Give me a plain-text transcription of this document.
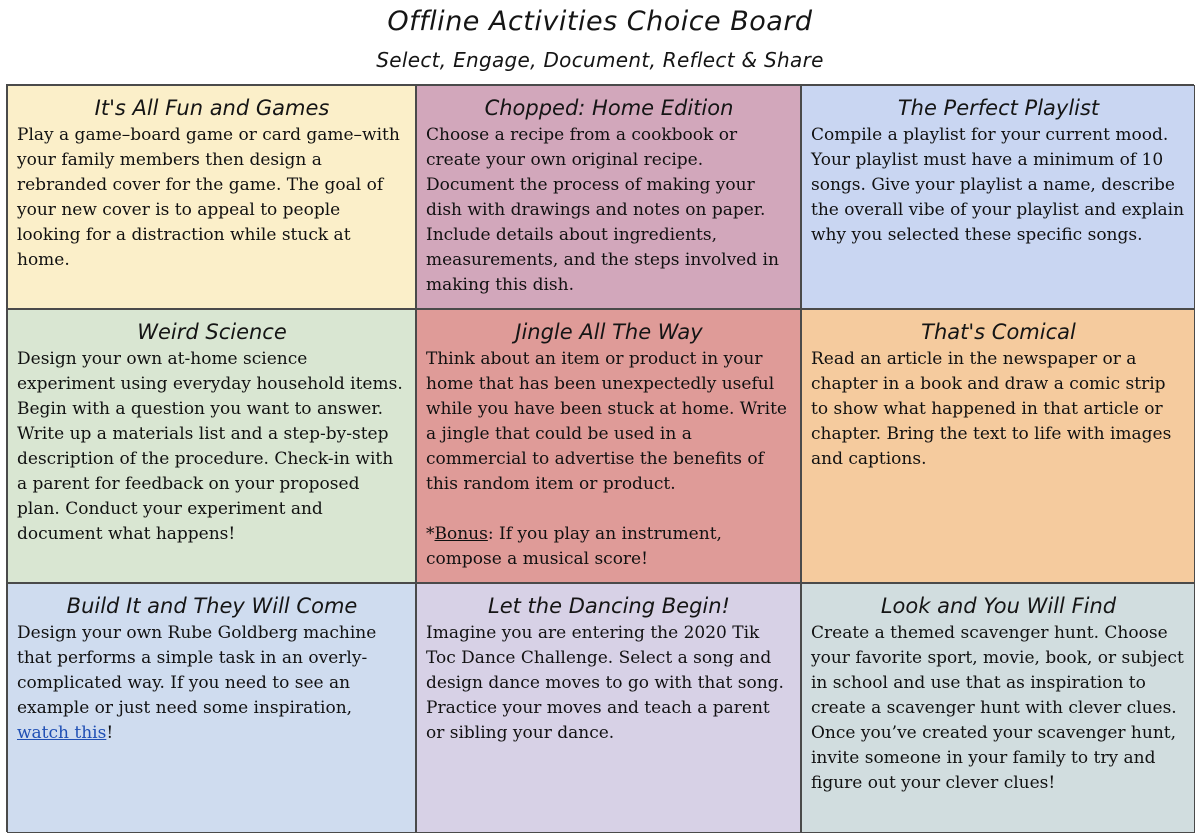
Offline Activities Choice Board
Select, Engage, Document, Reflect & Share
It's All Fun and Games
Play a game–board game or card game–with your family members then design a rebranded cover for the game. The goal of your new cover is to appeal to people looking for a distraction while stuck at home.
Chopped: Home Edition
Choose a recipe from a cookbook or create your own original recipe. Document the process of making your dish with drawings and notes on paper. Include details about ingredients, measurements, and the steps involved in making this dish.
The Perfect Playlist
Compile a playlist for your current mood. Your playlist must have a minimum of 10 songs. Give your playlist a name, describe the overall vibe of your playlist and explain why you selected these specific songs.
Weird Science
Design your own at-home science experiment using everyday household items. Begin with a question you want to answer. Write up a materials list and a step-by-step description of the procedure. Check-in with a parent for feedback on your proposed plan. Conduct your experiment and document what happens!
Jingle All The Way
Think about an item or product in your home that has been unexpectedly useful while you have been stuck at home. Write a jingle that could be used in a commercial to advertise the benefits of this random item or product.
*Bonus: If you play an instrument, compose a musical score!
That's Comical
Read an article in the newspaper or a chapter in a book and draw a comic strip to show what happened in that article or chapter. Bring the text to life with images and captions.
Build It and They Will Come
Design your own Rube Goldberg machine that performs a simple task in an overly-complicated way. If you need to see an example or just need some inspiration, watch this!
Let the Dancing Begin!
Imagine you are entering the 2020 Tik Toc Dance Challenge. Select a song and design dance moves to go with that song. Practice your moves and teach a parent or sibling your dance.
Look and You Will Find
Create a themed scavenger hunt. Choose your favorite sport, movie, book, or subject in school and use that as inspiration to create a scavenger hunt with clever clues. Once you’ve created your scavenger hunt, invite someone in your family to try and figure out your clever clues!
